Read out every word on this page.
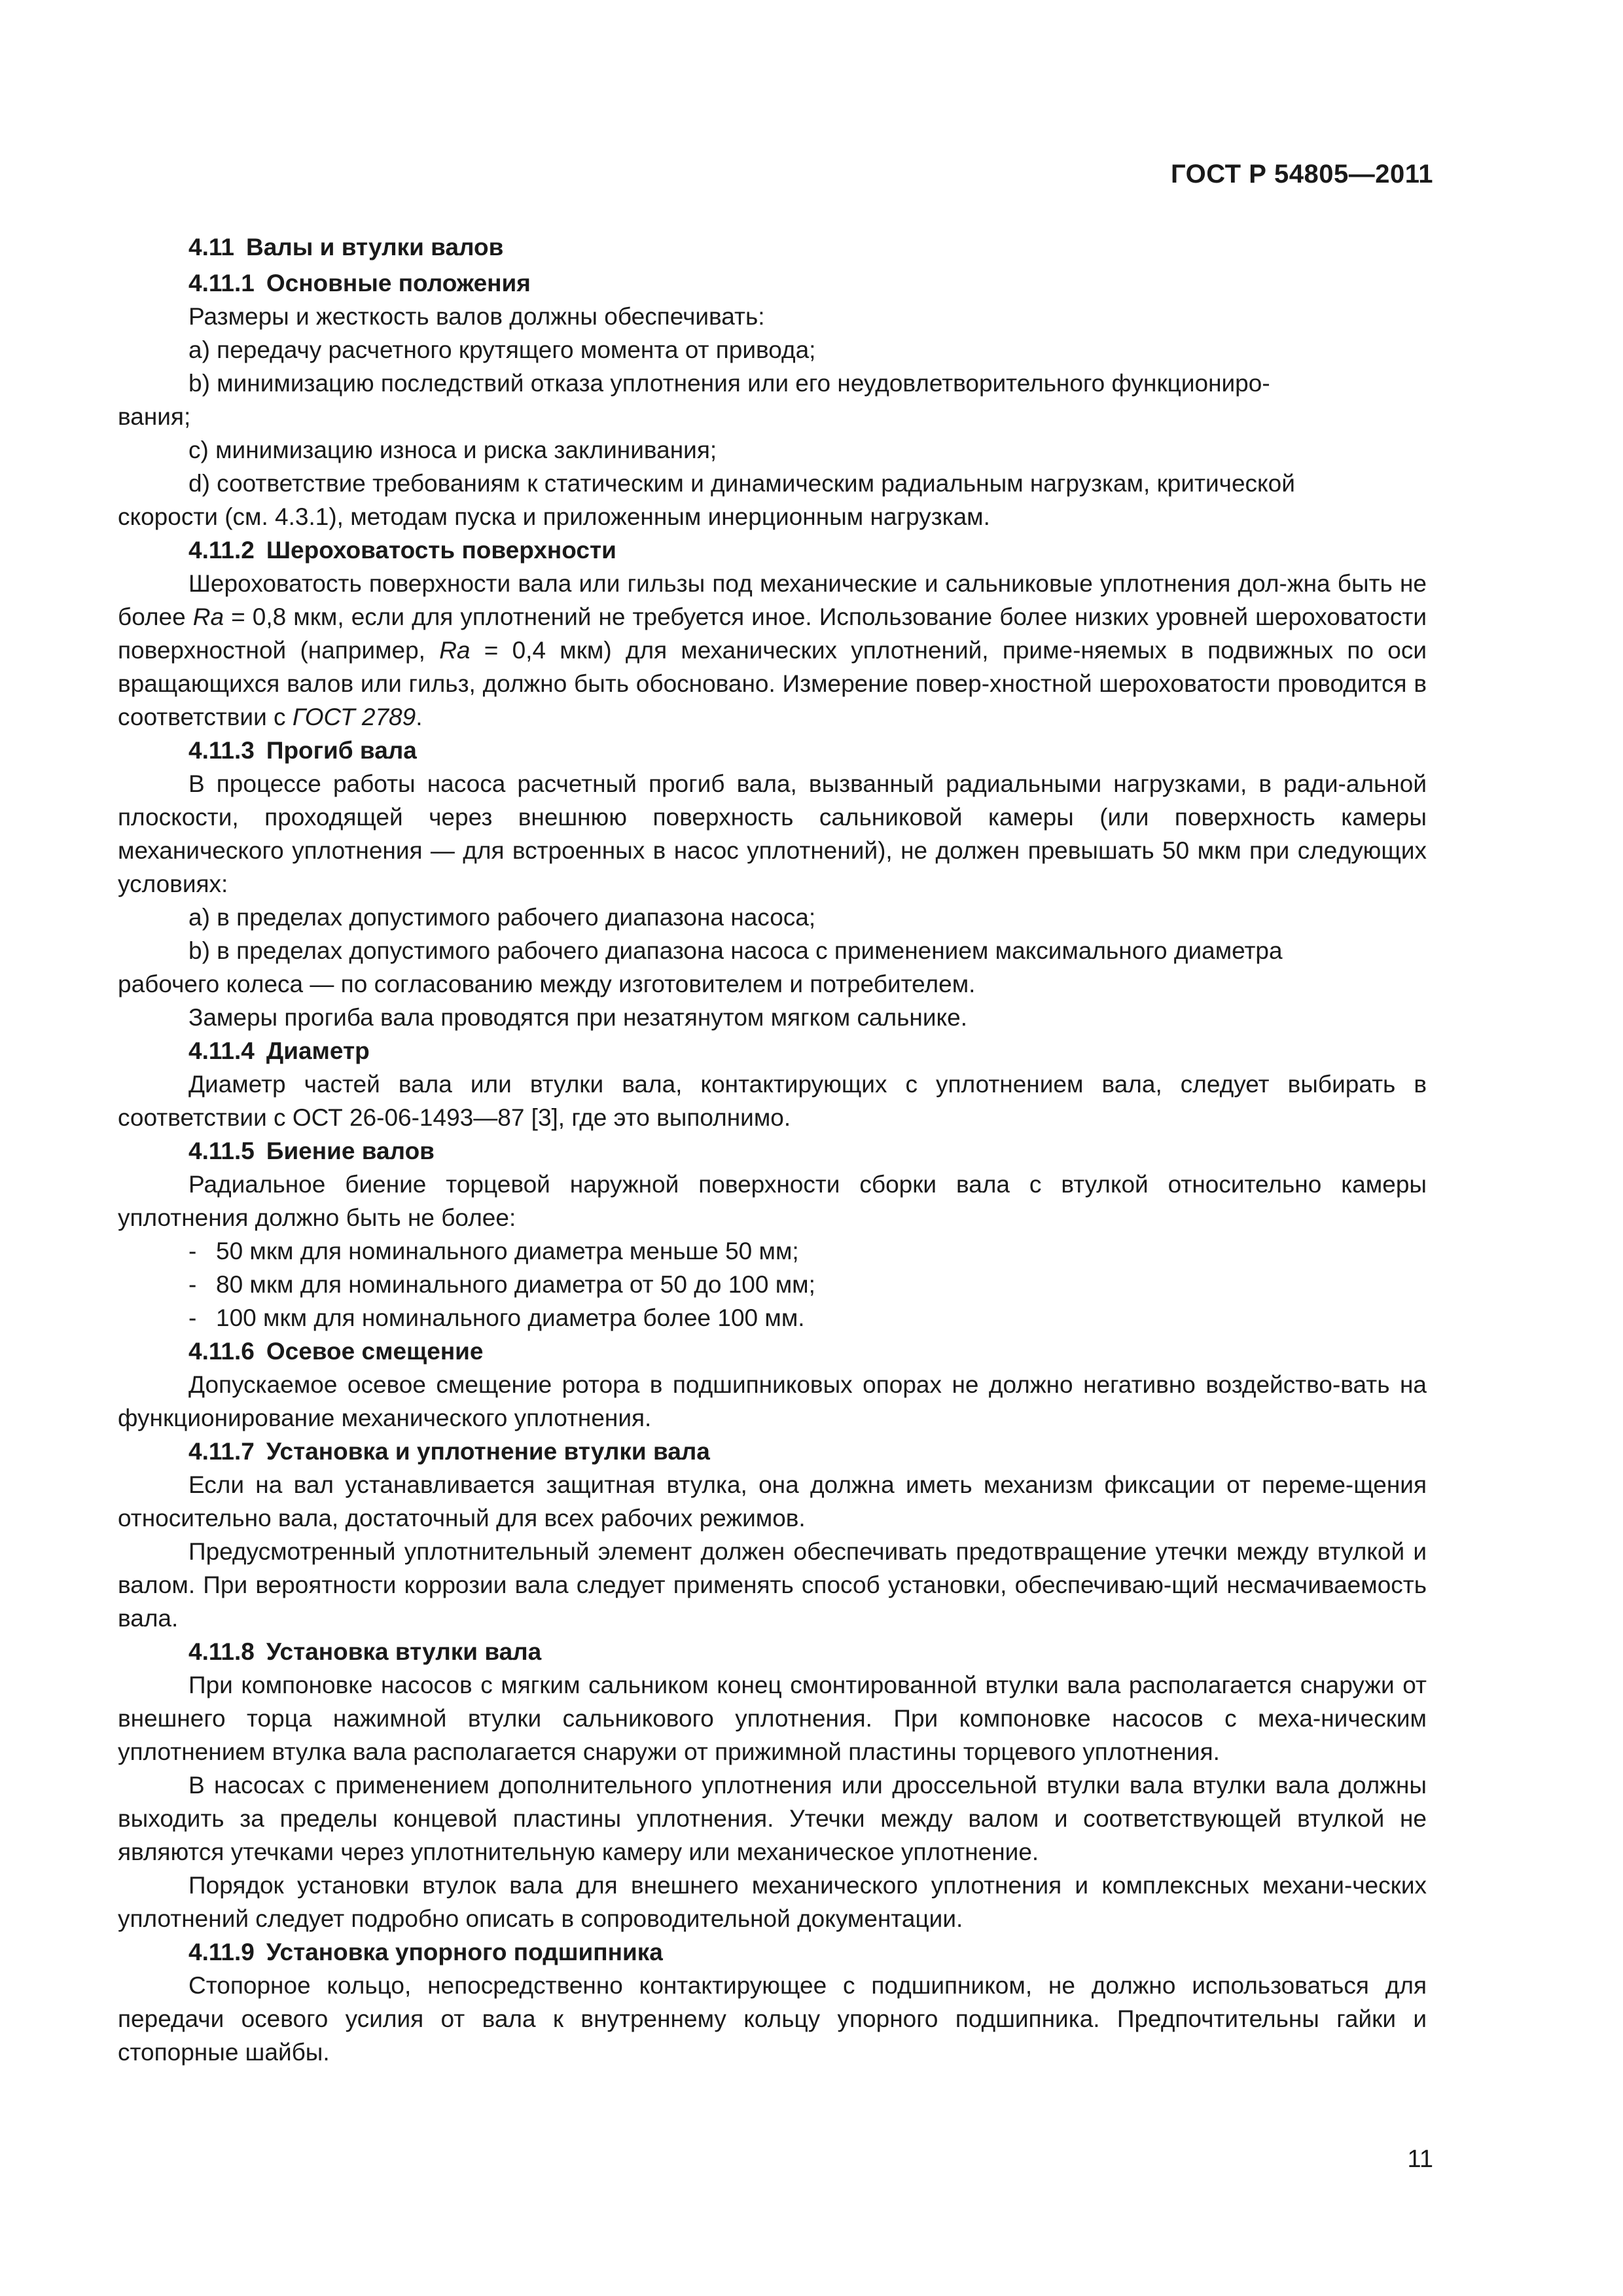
ГОСТ Р 54805—2011

4.11 Валы и втулки валов

4.11.1 Основные положения

Размеры и жесткость валов должны обеспечивать:

a) передачу расчетного крутящего момента от привода;

b) минимизацию последствий отказа уплотнения или его неудовлетворительного функциониро-

вания;

c) минимизацию износа и риска заклинивания;

d) соответствие требованиям к статическим и динамическим радиальным нагрузкам, критической

скорости (см. 4.3.1), методам пуска и приложенным инерционным нагрузкам.

4.11.2 Шероховатость поверхности

Шероховатость поверхности вала или гильзы под механические и сальниковые уплотнения дол-жна быть не более Ra = 0,8 мкм, если для уплотнений не требуется иное. Использование более низких уровней шероховатости поверхностной (например, Ra = 0,4 мкм) для механических уплотнений, приме-няемых в подвижных по оси вращающихся валов или гильз, должно быть обосновано. Измерение повер-хностной шероховатости проводится в соответствии с ГОСТ 2789.

4.11.3 Прогиб вала

В процессе работы насоса расчетный прогиб вала, вызванный радиальными нагрузками, в ради-альной плоскости, проходящей через внешнюю поверхность сальниковой камеры (или поверхность камеры механического уплотнения — для встроенных в насос уплотнений), не должен превышать 50 мкм при следующих условиях:

a) в пределах допустимого рабочего диапазона насоса;

b) в пределах допустимого рабочего диапазона насоса с применением максимального диаметра

рабочего колеса — по согласованию между изготовителем и потребителем.

Замеры прогиба вала проводятся при незатянутом мягком сальнике.

4.11.4 Диаметр

Диаметр частей вала или втулки вала, контактирующих с уплотнением вала, следует выбирать в соответствии с ОСТ 26-06-1493—87 [3], где это выполнимо.

4.11.5 Биение валов

Радиальное биение торцевой наружной поверхности сборки вала с втулкой относительно камеры уплотнения должно быть не более:

- 50 мкм для номинального диаметра меньше 50 мм;

- 80 мкм для номинального диаметра от 50 до 100 мм;

- 100 мкм для номинального диаметра более 100 мм.

4.11.6 Осевое смещение

Допускаемое осевое смещение ротора в подшипниковых опорах не должно негативно воздейство-вать на функционирование механического уплотнения.

4.11.7 Установка и уплотнение втулки вала

Если на вал устанавливается защитная втулка, она должна иметь механизм фиксации от переме-щения относительно вала, достаточный для всех рабочих режимов.

Предусмотренный уплотнительный элемент должен обеспечивать предотвращение утечки между втулкой и валом. При вероятности коррозии вала следует применять способ установки, обеспечиваю-щий несмачиваемость вала.

4.11.8 Установка втулки вала

При компоновке насосов с мягким сальником конец смонтированной втулки вала располагается снаружи от внешнего торца нажимной втулки сальникового уплотнения. При компоновке насосов с меха-ническим уплотнением втулка вала располагается снаружи от прижимной пластины торцевого уплотнения.

В насосах с применением дополнительного уплотнения или дроссельной втулки вала втулки вала должны выходить за пределы концевой пластины уплотнения. Утечки между валом и соответствующей втулкой не являются утечками через уплотнительную камеру или механическое уплотнение.

Порядок установки втулок вала для внешнего механического уплотнения и комплексных механи-ческих уплотнений следует подробно описать в сопроводительной документации.

4.11.9 Установка упорного подшипника

Стопорное кольцо, непосредственно контактирующее с подшипником, не должно использоваться для передачи осевого усилия от вала к внутреннему кольцу упорного подшипника. Предпочтительны гайки и стопорные шайбы.

11
